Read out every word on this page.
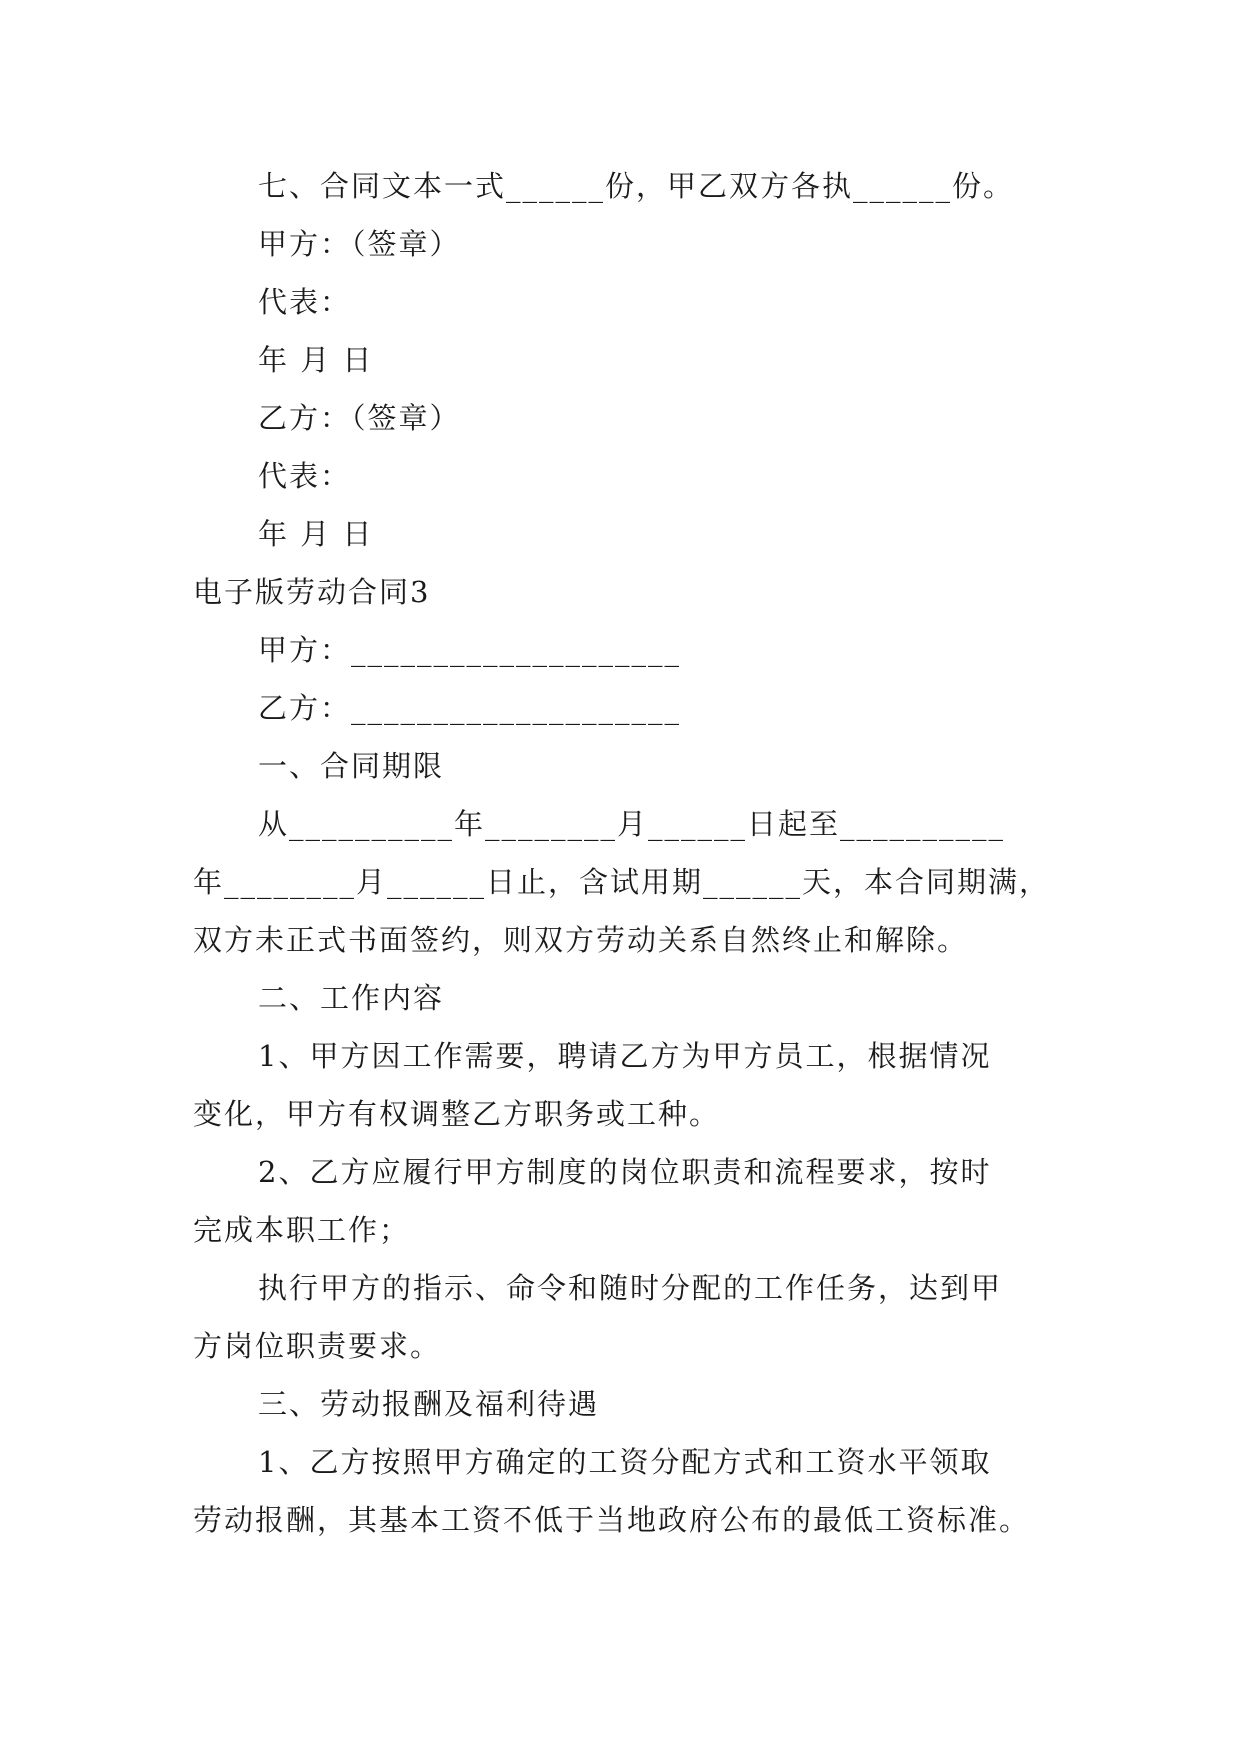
七、合同文本一式______份，甲乙双方各执______份。
甲方：（签章）
代表：
年 月 日
乙方：（签章）
代表：
年 月 日
电子版劳动合同3
甲方：____________________
乙方：____________________
一、合同期限
从__________年________月______日起至__________
年________月______日止，含试用期______天，本合同期满，
双方未正式书面签约，则双方劳动关系自然终止和解除。
二、工作内容
1、甲方因工作需要，聘请乙方为甲方员工，根据情况
变化，甲方有权调整乙方职务或工种。
2、乙方应履行甲方制度的岗位职责和流程要求，按时
完成本职工作；
执行甲方的指示、命令和随时分配的工作任务，达到甲
方岗位职责要求。
三、劳动报酬及福利待遇
1、乙方按照甲方确定的工资分配方式和工资水平领取
劳动报酬，其基本工资不低于当地政府公布的最低工资标准。
